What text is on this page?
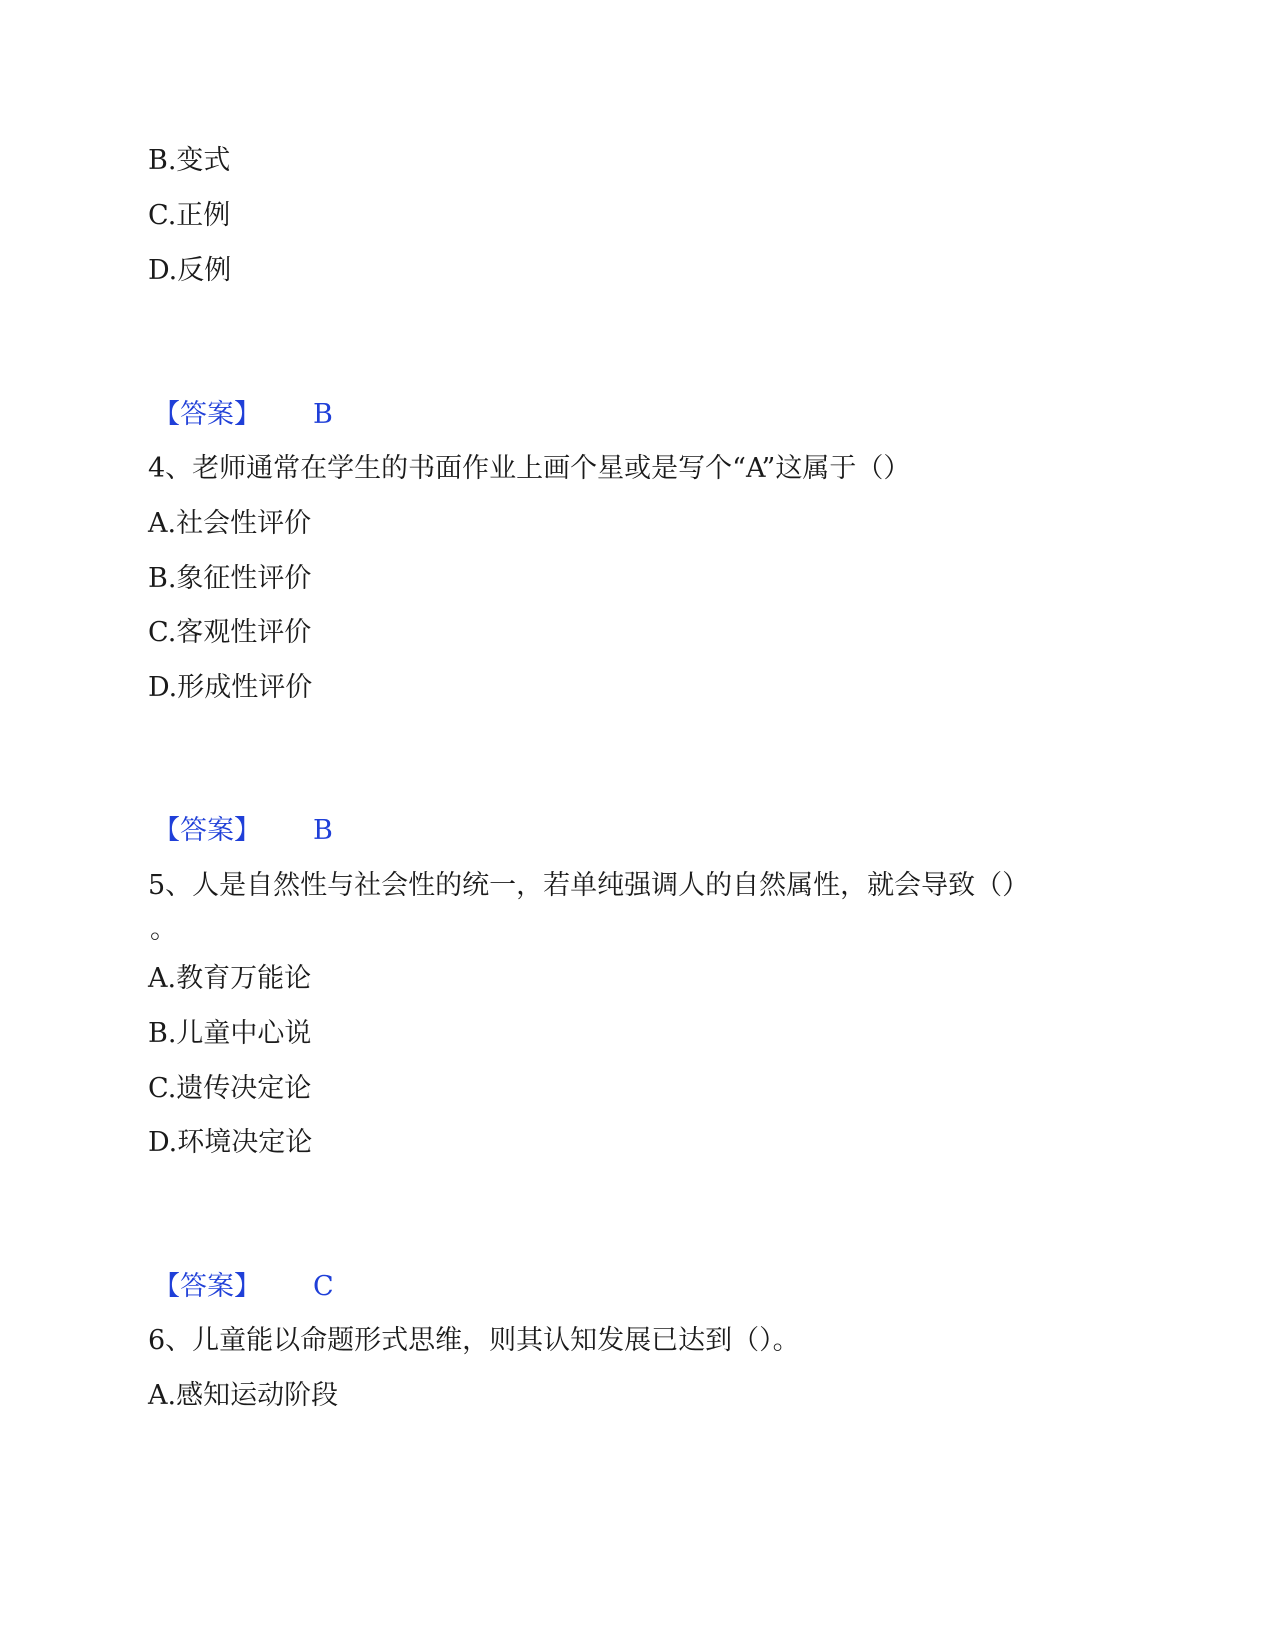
B.变式
C.正例
D.反例
【答案】 B
4、老师通常在学生的书面作业上画个星或是写个“A”这属于（）
A.社会性评价
B.象征性评价
C.客观性评价
D.形成性评价
【答案】 B
5、人是自然性与社会性的统一，若单纯强调人的自然属性，就会导致（）
。
A.教育万能论
B.儿童中心说
C.遗传决定论
D.环境决定论
【答案】 C
6、儿童能以命题形式思维，则其认知发展已达到（）。
A.感知运动阶段
